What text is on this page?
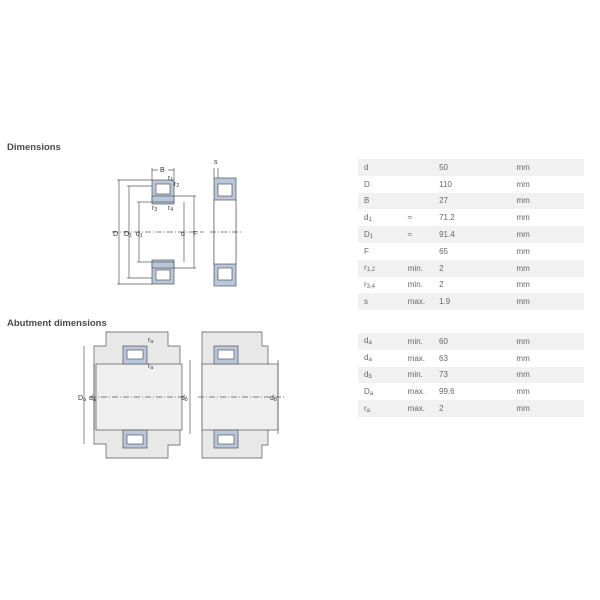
Dimensions
Abutment dimensions
d		50	mm
D		110	mm
B		27	mm
$d_1$	≈	71.2	mm
$D_1$	≈	91.4	mm
F		65	mm
$r_{1,2}$	min.	2	mm
$r_{3,4}$	min.	2	mm
s	max.	1.9	mm
$d_a$	min.	60	mm
$d_a$	max.	63	mm
$d_b$	min.	73	mm
$D_a$	max.	99.6	mm
$r_a$	max.	2	mm
B
s
r1
r2
r3 r4
D D1 d1	d F
Da da	db
ra
ra
db
